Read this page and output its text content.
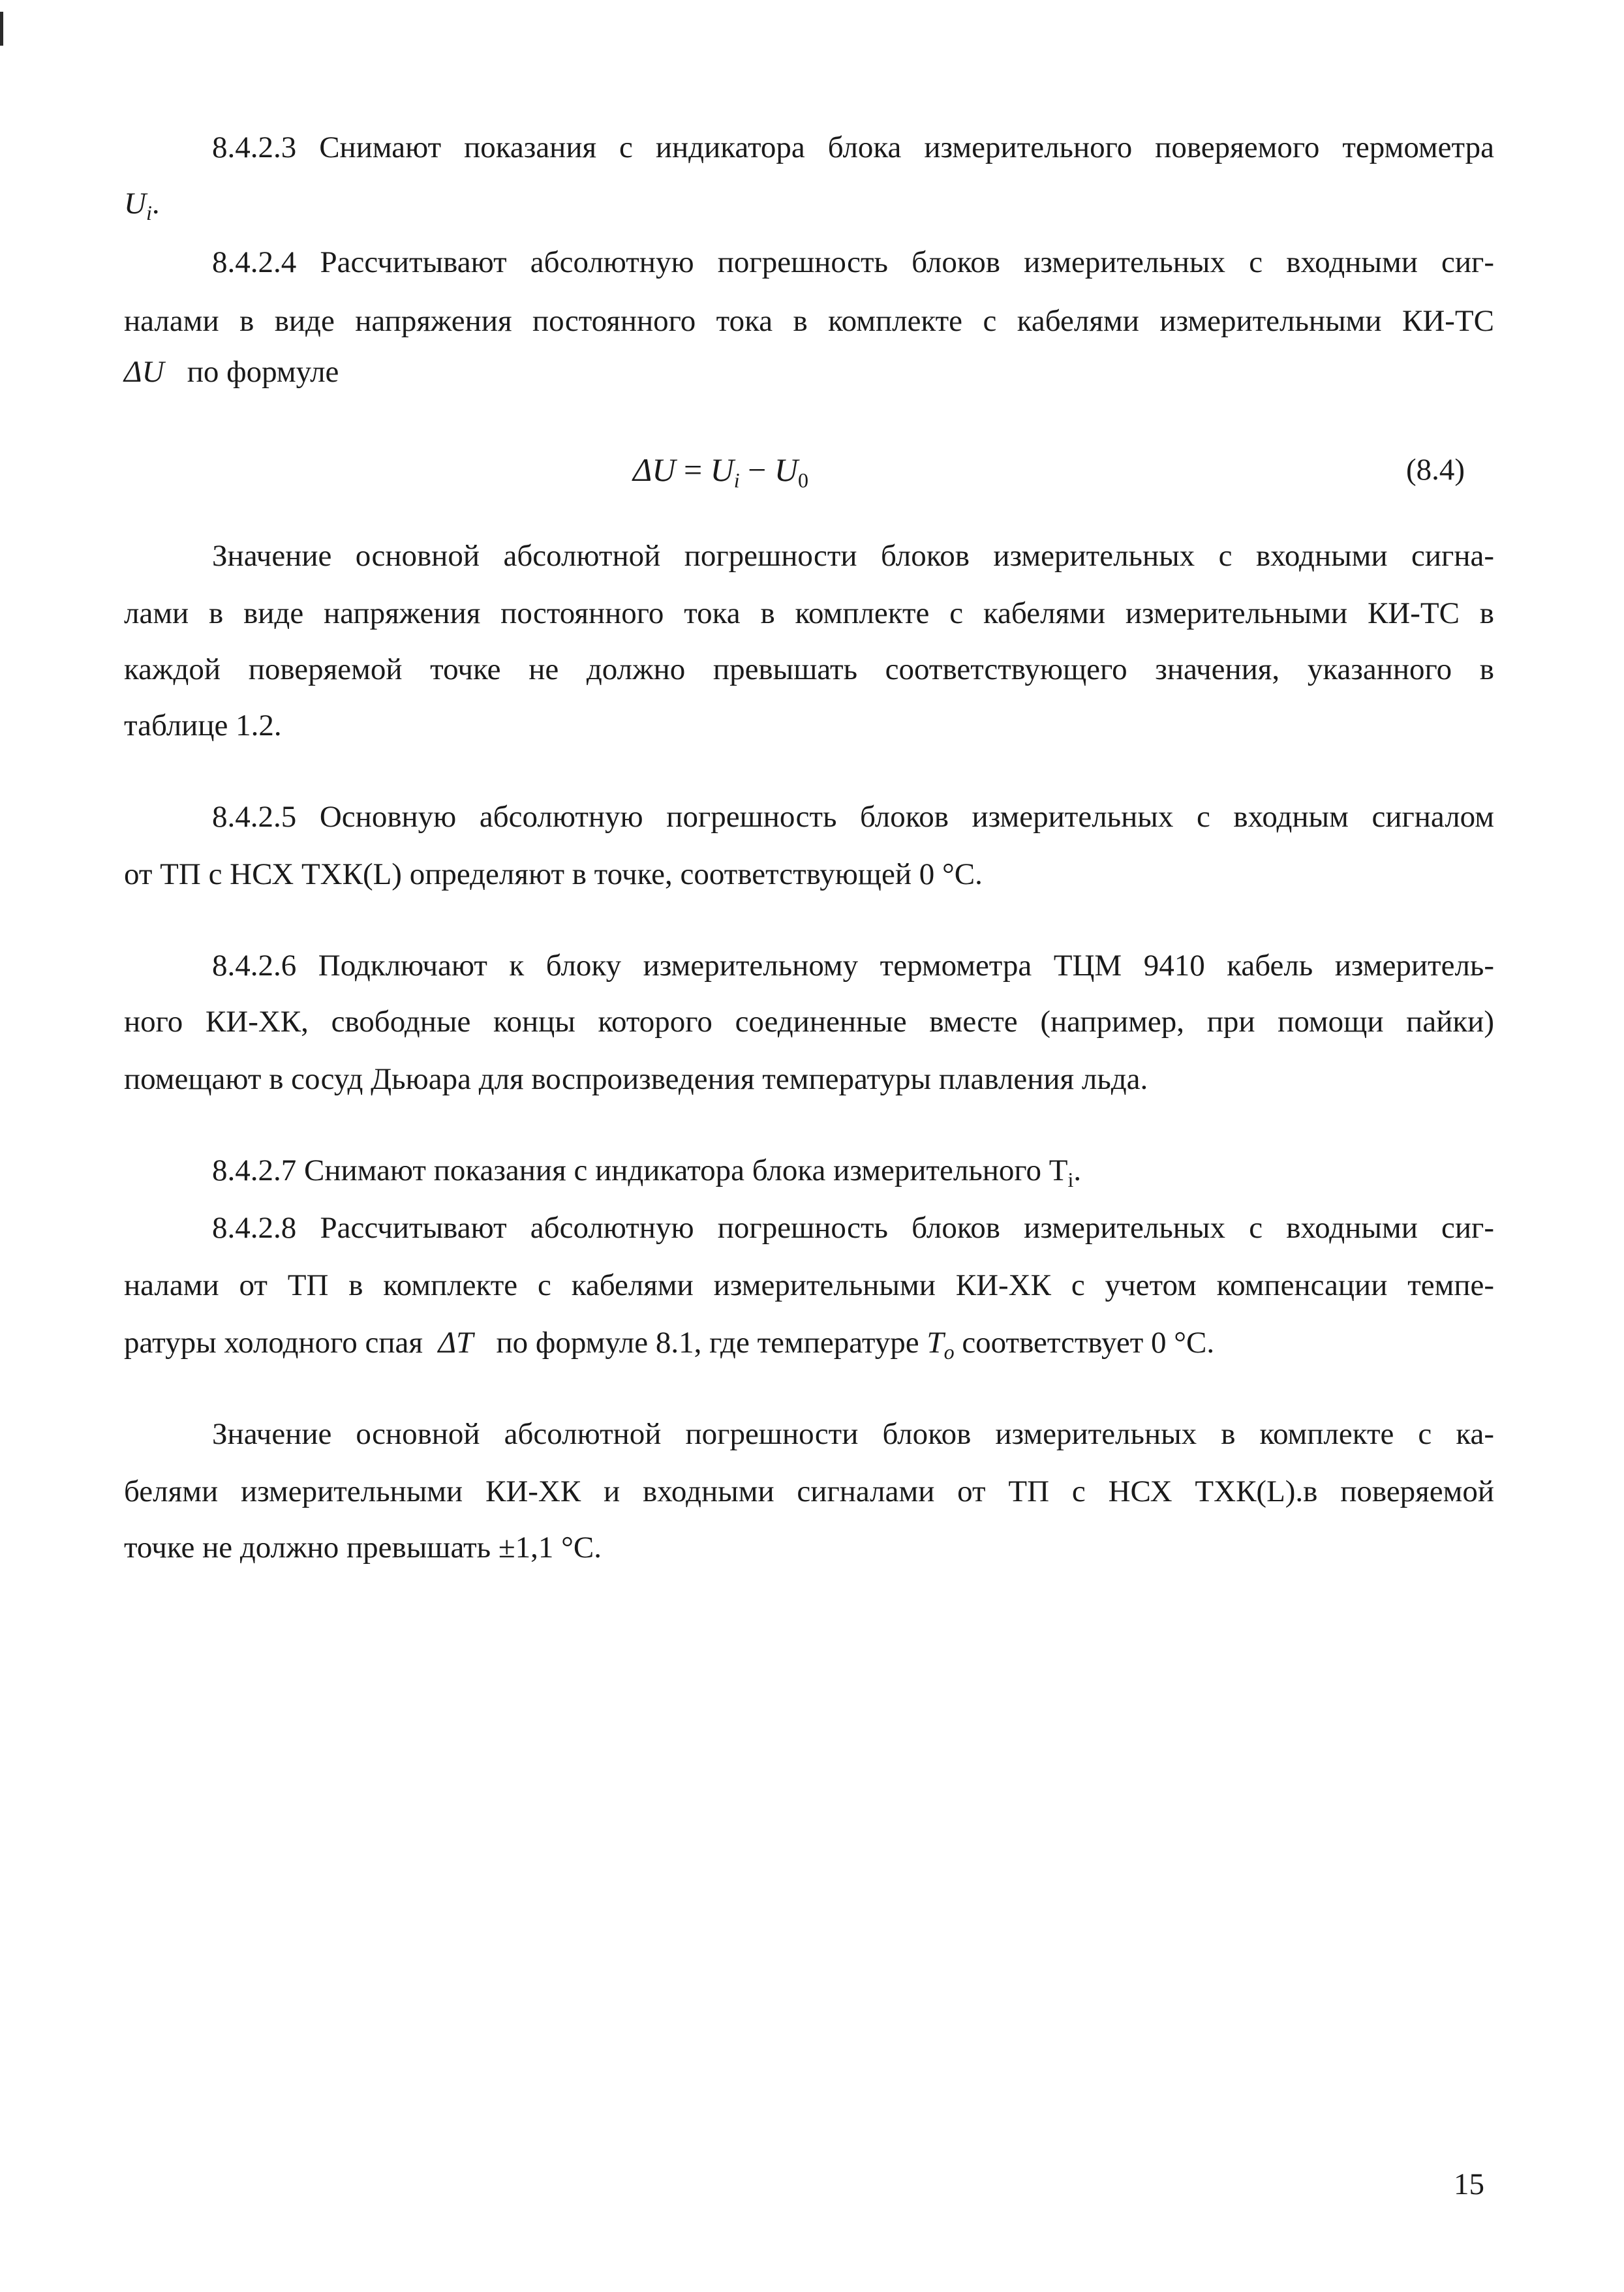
8.4.2.3 Снимают показания с индикатора блока измерительного поверяемого термометра
$U_i$.
8.4.2.4 Рассчитывают абсолютную погрешность блоков измерительных с входными сиг-
налами в виде напряжения постоянного тока в комплекте с кабелями измерительными КИ-ТС
ΔU по формуле
$\Delta U = U_i - U_0$	(8.4)
Значение основной абсолютной погрешности блоков измерительных с входными сигна-
лами в виде напряжения постоянного тока в комплекте с кабелями измерительными КИ-ТС в
каждой поверяемой точке не должно превышать соответствующего значения, указанного в
таблице 1.2.
8.4.2.5 Основную абсолютную погрешность блоков измерительных с входным сигналом
от ТП с НСХ ТХК(L) определяют в точке, соответствующей 0 °С.
8.4.2.6 Подключают к блоку измерительному термометра ТЦМ 9410 кабель измеритель-
ного КИ-ХК, свободные концы которого соединенные вместе (например, при помощи пайки)
помещают в сосуд Дьюара для воспроизведения температуры плавления льда.
8.4.2.7 Снимают показания с индикатора блока измерительного $Т_i$.
8.4.2.8 Рассчитывают абсолютную погрешность блоков измерительных с входными сиг-
налами от ТП в комплекте с кабелями измерительными КИ-ХК с учетом компенсации темпе-
ратуры холодного спая ΔT по формуле 8.1, где температуре $T_o$ соответствует 0 °С.
Значение основной абсолютной погрешности блоков измерительных в комплекте с ка-
белями измерительными КИ-ХК и входными сигналами от ТП с НСХ ТХК(L).в поверяемой
точке не должно превышать ±1,1 °С.
15
